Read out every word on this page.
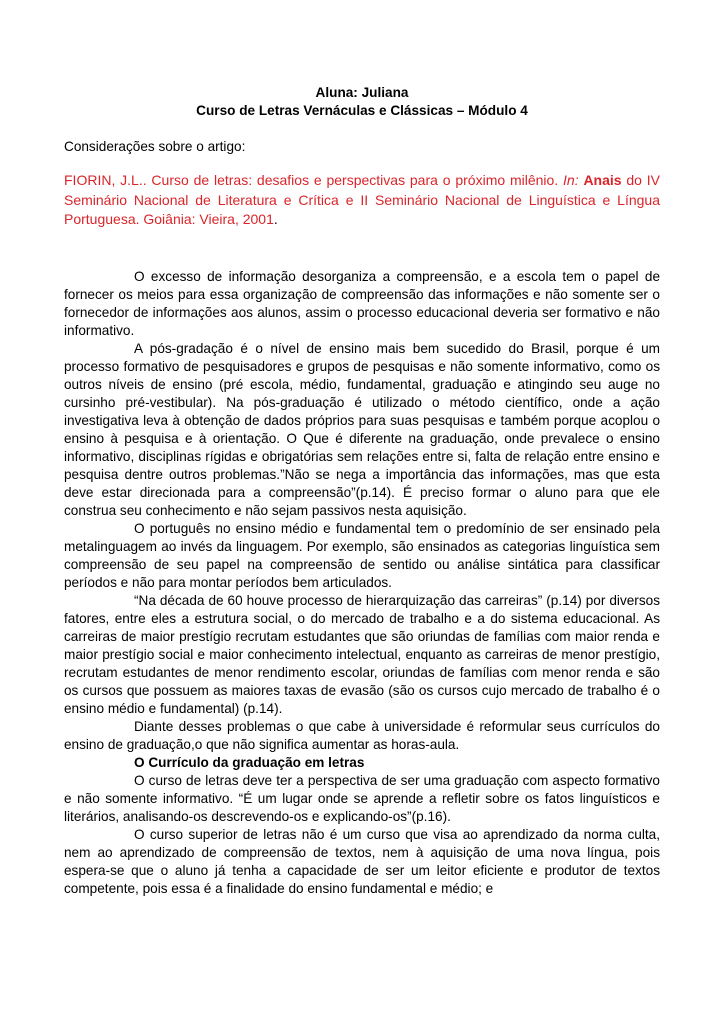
Aluna: Juliana

Curso de Letras Vernáculas e Clássicas – Módulo 4

Considerações sobre o artigo:

FIORIN, J.L.. Curso de letras: desafios e perspectivas para o próximo milênio. In: Anais do IV Seminário Nacional de Literatura e Crítica e II Seminário Nacional de Linguística e Língua Portuguesa. Goiânia: Vieira, 2001.

O excesso de informação desorganiza a compreensão, e a escola tem o papel de fornecer os meios para essa organização de compreensão das informações e não somente ser o fornecedor de informações aos alunos, assim o processo educacional deveria ser formativo e não informativo.

A pós-gradação é o nível de ensino mais bem sucedido do Brasil, porque é um processo formativo de pesquisadores e grupos de pesquisas e não somente informativo, como os outros níveis de ensino (pré escola, médio, fundamental, graduação e atingindo seu auge no cursinho pré-vestibular). Na pós-graduação é utilizado o método científico, onde a ação investigativa leva à obtenção de dados próprios para suas pesquisas e também porque acoplou o ensino à pesquisa e à orientação. O Que é diferente na graduação, onde prevalece o ensino informativo, disciplinas rígidas e obrigatórias sem relações entre si, falta de relação entre ensino e pesquisa dentre outros problemas.”Não se nega a importância das informações, mas que esta deve estar direcionada para a compreensão”(p.14). É preciso formar o aluno para que ele construa seu conhecimento e não sejam passivos nesta aquisição.

O português no ensino médio e fundamental tem o predomínio de ser ensinado pela metalinguagem ao invés da linguagem. Por exemplo, são ensinados as categorias linguística sem compreensão de seu papel na compreensão de sentido ou análise sintática para classificar períodos e não para montar períodos bem articulados.

“Na década de 60 houve processo de hierarquização das carreiras” (p.14) por diversos fatores, entre eles a estrutura social, o do mercado de trabalho e a do sistema educacional. As carreiras de maior prestígio recrutam estudantes que são oriundas de famílias com maior renda e maior prestígio social e maior conhecimento intelectual, enquanto as carreiras de menor prestígio, recrutam estudantes de menor rendimento escolar, oriundas de famílias com menor renda e são os cursos que possuem as maiores taxas de evasão (são os cursos cujo mercado de trabalho é o ensino médio e fundamental) (p.14).

Diante desses problemas o que cabe à universidade é reformular seus currículos do ensino de graduação,o que não significa aumentar as horas-aula.

O Currículo da graduação em letras

O curso de letras deve ter a perspectiva de ser uma graduação com aspecto formativo e não somente informativo. “É um lugar onde se aprende a refletir sobre os fatos linguísticos e literários, analisando-os descrevendo-os e explicando-os”(p.16).

O curso superior de letras não é um curso que visa ao aprendizado da norma culta, nem ao aprendizado de compreensão de textos, nem à aquisição de uma nova língua, pois espera-se que o aluno já tenha a capacidade de ser um leitor eficiente e produtor de textos competente, pois essa é a finalidade do ensino fundamental e médio; e
